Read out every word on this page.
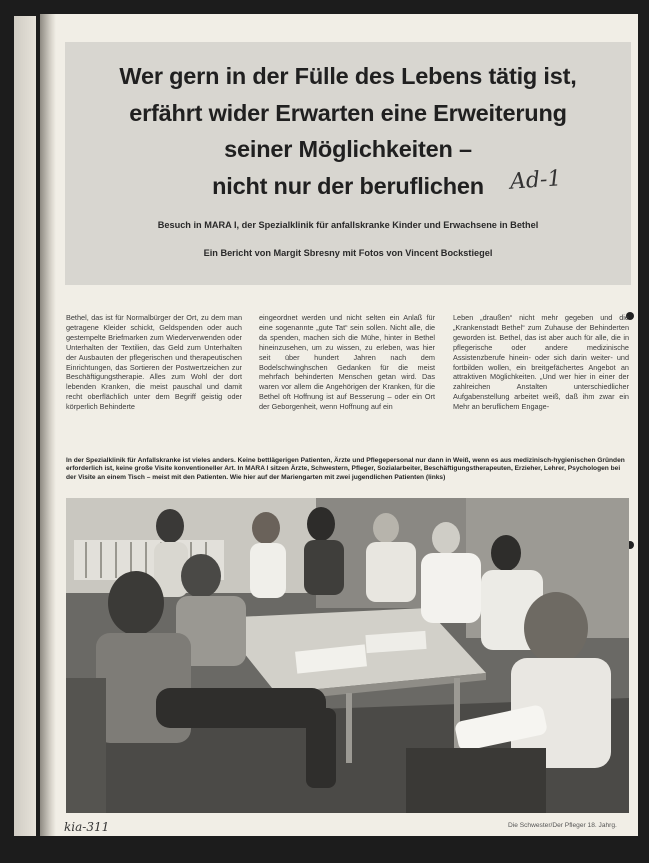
Wer gern in der Fülle des Lebens tätig ist,
erfährt wider Erwarten eine Erweiterung
seiner Möglichkeiten –
nicht nur der beruflichen	Ad-1

Besuch in MARA I, der Spezialklinik für anfallskranke Kinder und Erwachsene in Bethel

Ein Bericht von Margit Sbresny mit Fotos von Vincent Bockstiegel

Bethel, das ist für Normalbürger der Ort, zu dem man getragene Kleider schickt, Geldspenden oder auch gestempelte Briefmarken zum Wiederverwenden oder Unterhalten der Textilien, das Geld zum Unterhalten der Ausbauten der pflegerischen und therapeutischen Einrichtungen, das Sortieren der Postwertzeichen zur Beschäftigungstherapie. Alles zum Wohl der dort lebenden Kranken, die meist pauschal und damit recht oberflächlich unter dem Begriff geistig oder körperlich Behinderte

eingeordnet werden und nicht selten ein Anlaß für eine sogenannte „gute Tat“ sein sollen. Nicht alle, die da spenden, machen sich die Mühe, hinter in Bethel hineinzusehen, um zu wissen, zu erleben, was hier seit über hundert Jahren nach dem Bodelschwinghschen Gedanken für die meist mehrfach behinderten Menschen getan wird. Das waren vor allem die Angehörigen der Kranken, für die Bethel oft Hoffnung ist auf Besserung – oder ein Ort der Geborgenheit, wenn Hoffnung auf ein

Leben „draußen“ nicht mehr gegeben und die „Krankenstadt Bethel“ zum Zuhause der Behinderten geworden ist. Bethel, das ist aber auch für alle, die in pflegerische oder andere medizinische Assistenzberufe hinein- oder sich darin weiter- und fortbilden wollen, ein breitgefächertes Angebot an attraktiven Möglichkeiten. „Und wer hier in einer der zahlreichen Anstalten unterschiedlicher Aufgabenstellung arbeitet weiß, daß ihm zwar ein Mehr an beruflichem Engage-

In der Spezialklinik für Anfallskranke ist vieles anders. Keine bettlägerigen Patienten, Ärzte und Pflegepersonal nur dann in Weiß, wenn es aus medizinisch-hygienischen Gründen erforderlich ist, keine große Visite konventioneller Art. In MARA I sitzen Ärzte, Schwestern, Pfleger, Sozialarbeiter, Beschäftigungstherapeuten, Erzieher, Lehrer, Psychologen bei der Visite an einem Tisch – meist mit den Patienten. Wie hier auf der Mariengarten mit zwei jugendlichen Patienten (links)

kia-311	Die Schwester/Der Pfleger 18. Jahrg.
